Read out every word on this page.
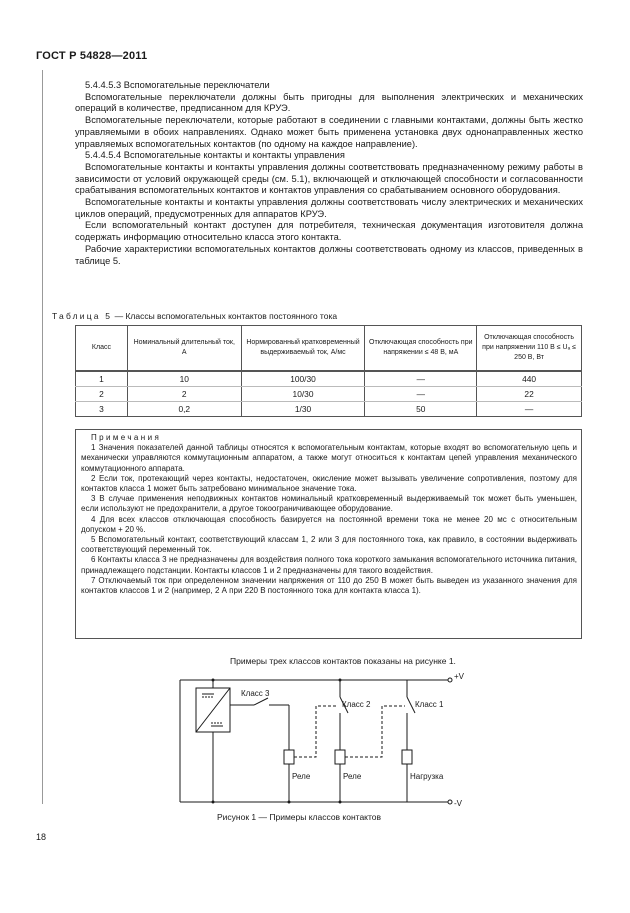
ГОСТ Р 54828—2011

5.4.4.5.3 Вспомогательные переключатели

Вспомогательные переключатели должны быть пригодны для выполнения электрических и механических операций в количестве, предписанном для КРУЭ.

Вспомогательные переключатели, которые работают в соединении с главными контактами, должны быть жестко управляемыми в обоих направлениях. Однако может быть применена установка двух однонаправленных жестко управляемых вспомогательных контактов (по одному на каждое направление).

5.4.4.5.4 Вспомогательные контакты и контакты управления

Вспомогательные контакты и контакты управления должны соответствовать предназначенному режиму работы в зависимости от условий окружающей среды (см. 5.1), включающей и отключающей способности и согласованности срабатывания вспомогательных контактов и контактов управления со срабатыванием основного оборудования.

Вспомогательные контакты и контакты управления должны соответствовать числу электрических и механических циклов операций, предусмотренных для аппаратов КРУЭ.

Если вспомогательный контакт доступен для потребителя, техническая документация изготовителя должна содержать информацию относительно класса этого контакта.

Рабочие характеристики вспомогательных контактов должны соответствовать одному из классов, приведенных в таблице 5.

Таблица 5 — Классы вспомогательных контактов постоянного тока
Класс	Номинальный длительный ток, А	Нормированный кратковременный выдерживаемый ток, А/мс	Отключающая способность при напряжении ≤ 48 В, мА	Отключающая способность при напряжении 110 В ≤ Uₐ ≤ 250 В, Вт
1	10	100/30	—	440
2	2	10/30	—	22
3	0,2	1/30	50	—
Примечания

1 Значения показателей данной таблицы относятся к вспомогательным контактам, которые входят во вспомогательную цепь и механически управляются коммутационным аппаратом, а также могут относиться к контактам цепей управления механического коммутационного аппарата.

2 Если ток, протекающий через контакты, недостаточен, окисление может вызывать увеличение сопротивления, поэтому для контактов класса 1 может быть затребовано минимальное значение тока.

3 В случае применения неподвижных контактов номинальный кратковременный выдерживаемый ток может быть уменьшен, если используют не предохранители, а другое токоограничивающее оборудование.

4 Для всех классов отключающая способность базируется на постоянной времени тока не менее 20 мс с относительным допуском + 20 %.

5 Вспомогательный контакт, соответствующий классам 1, 2 или 3 для постоянного тока, как правило, в состоянии выдерживать соответствующий переменный ток.

6 Контакты класса 3 не предназначены для воздействия полного тока короткого замыкания вспомогательного источника питания, принадлежащего подстанции. Контакты классов 1 и 2 предназначены для такого воздействия.

7 Отключаемый ток при определенном значении напряжения от 110 до 250 В может быть выведен из указанного значения для контактов классов 1 и 2 (например, 2 А при 220 В постоянного тока для контакта класса 1).

Примеры трех классов контактов показаны на рисунке 1.
+V
-V
Класс 3
Класс 2	Класс 1
Реле	Реле	Нагрузка
Рисунок 1 — Примеры классов контактов
18
